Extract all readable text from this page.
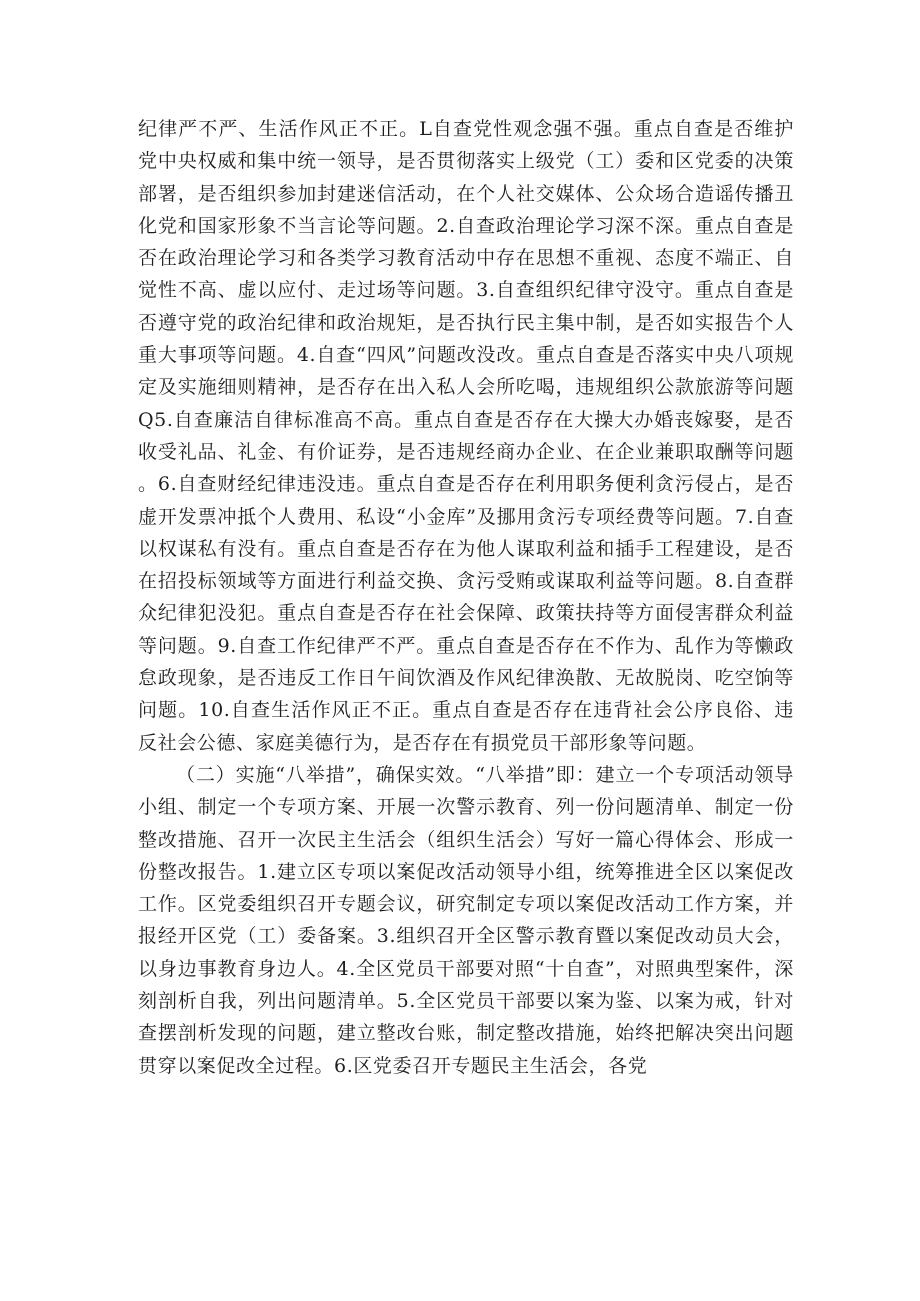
纪律严不严、生活作风正不正。L自查党性观念强不强。重点自查是否维护党中央权威和集中统一领导，是否贯彻落实上级党（工）委和区党委的决策部署，是否组织参加封建迷信活动，在个人社交媒体、公众场合造谣传播丑化党和国家形象不当言论等问题。2.自查政治理论学习深不深。重点自查是否在政治理论学习和各类学习教育活动中存在思想不重视、态度不端正、自觉性不高、虚以应付、走过场等问题。3.自查组织纪律守没守。重点自查是否遵守党的政治纪律和政治规矩，是否执行民主集中制，是否如实报告个人重大事项等问题。4.自查“四风”问题改没改。重点自查是否落实中央八项规定及实施细则精神，是否存在出入私人会所吃喝，违规组织公款旅游等问题Q5.自查廉洁自律标准高不高。重点自查是否存在大操大办婚丧嫁娶，是否收受礼品、礼金、有价证券，是否违规经商办企业、在企业兼职取酬等问题。6.自查财经纪律违没违。重点自查是否存在利用职务便利贪污侵占，是否虚开发票冲抵个人费用、私设“小金库”及挪用贪污专项经费等问题。7.自查以权谋私有没有。重点自查是否存在为他人谋取利益和插手工程建设，是否在招投标领域等方面进行利益交换、贪污受贿或谋取利益等问题。8.自查群众纪律犯没犯。重点自查是否存在社会保障、政策扶持等方面侵害群众利益等问题。9.自查工作纪律严不严。重点自查是否存在不作为、乱作为等懒政怠政现象，是否违反工作日午间饮酒及作风纪律涣散、无故脱岗、吃空饷等问题。10.自查生活作风正不正。重点自查是否存在违背社会公序良俗、违反社会公德、家庭美德行为，是否存在有损党员干部形象等问题。

（二）实施“八举措”，确保实效。“八举措”即：建立一个专项活动领导小组、制定一个专项方案、开展一次警示教育、列一份问题清单、制定一份整改措施、召开一次民主生活会（组织生活会）写好一篇心得体会、形成一份整改报告。1.建立区专项以案促改活动领导小组，统筹推进全区以案促改工作。区党委组织召开专题会议，研究制定专项以案促改活动工作方案，并报经开区党（工）委备案。3.组织召开全区警示教育暨以案促改动员大会，以身边事教育身边人。4.全区党员干部要对照“十自查”，对照典型案件，深刻剖析自我，列出问题清单。5.全区党员干部要以案为鉴、以案为戒，针对查摆剖析发现的问题，建立整改台账，制定整改措施，始终把解决突出问题贯穿以案促改全过程。6.区党委召开专题民主生活会，各党
